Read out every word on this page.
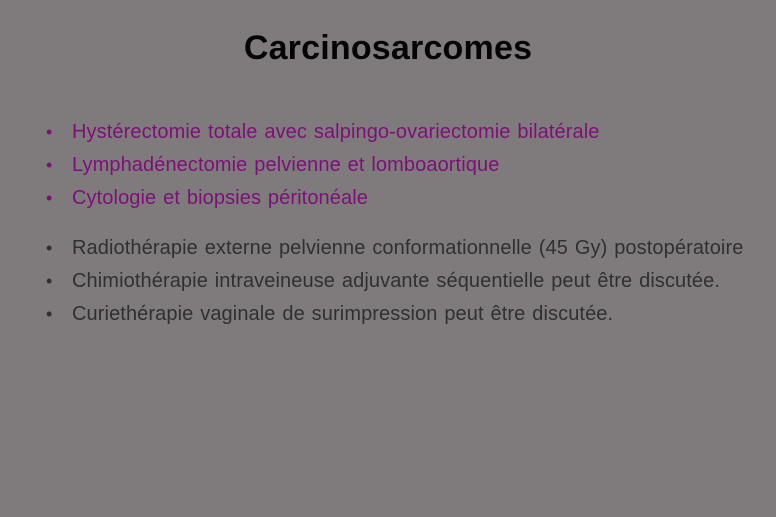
Carcinosarcomes
• Hystérectomie totale avec salpingo-ovariectomie bilatérale
• Lymphadénectomie pelvienne et lomboaortique
• Cytologie et biopsies péritonéale
• Radiothérapie externe pelvienne conformationnelle (45 Gy) postopératoire
• Chimiothérapie intraveineuse adjuvante séquentielle peut être discutée.
• Curiethérapie vaginale de surimpression peut être discutée.
